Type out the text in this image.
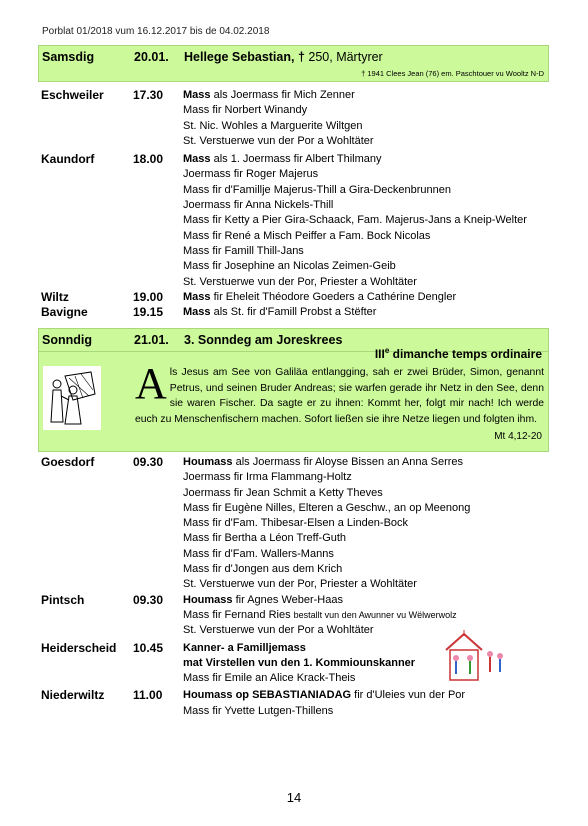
Porblat 01/2018 vum 16.12.2017 bis de 04.02.2018
Samsdig	20.01. Hellege Sebastian, † 250, Märtyrer
† 1941 Clees Jean (76) em. Paschtouer vu Wooltz N-D
Eschweiler 17.30 Mass als Joermass fir Mich Zenner
Mass fir Norbert Winandy
St. Nic. Wohles a Marguerite Wiltgen
St. Verstuerwe vun der Por a Wohltäter
Kaundorf	18.00 Mass als 1. Joermass fir Albert Thilmany
Joermass fir Roger Majerus
Mass fir d'Famillje Majerus-Thill a Gira-Deckenbrunnen
Joermass fir Anna Nickels-Thill
Mass fir Ketty a Pier Gira-Schaack, Fam. Majerus-Jans a Kneip-Welter
Mass fir René a Misch Peiffer a Fam. Bock Nicolas
Mass fir Famill Thill-Jans
Mass fir Josephine an Nicolas Zeimen-Geib
St. Verstuerwe vun der Por, Priester a Wohltäter
Wiltz	19.00 Mass fir Eheleit Théodore Goeders a Cathérine Dengler
Bavigne	19.15 Mass als St. fir d'Famill Probst a Stëfter
Sonndig	21.01. 3. Sonndeg am Joreskrees
IIIe dimanche temps ordinaire
Als Jesus am See von Galiläa entlangging, sah er zwei Brüder, Simon, genannt Petrus, und seinen Bruder Andreas; sie warfen gerade ihr Netz in den See, denn sie waren Fischer. Da sagte er zu ihnen: Kommt her, folgt mir nach! Ich werde euch zu Menschenfischern machen. Sofort ließen sie ihre Netze liegen und folgten ihm.
Mt 4,12-20
Goesdorf	09.30 Houmass als Joermass fir Aloyse Bissen an Anna Serres
Joermass fir Irma Flammang-Holtz
Joermass fir Jean Schmit a Ketty Theves
Mass fir Eugène Nilles, Elteren a Geschw., an op Meenong
Mass fir d'Fam. Thibesar-Elsen a Linden-Bock
Mass fir Bertha a Léon Treff-Guth
Mass fir d'Fam. Wallers-Manns
Mass fir d'Jongen aus dem Krich
St. Verstuerwe vun der Por, Priester a Wohltäter
Pintsch	09.30 Houmass fir Agnes Weber-Haas
Mass fir Fernand Ries bestallt vun den Awunner vu Wëlwerwolz
St. Verstuerwe vun der Por a Wohltäter
Heiderscheid 10.45 Kanner- a Familljemass
mat Virstellen vun den 1. Kommiounskanner
Mass fir Emile an Alice Krack-Theis
Niederwiltz 11.00 Houmass op SEBASTIANIADAG fir d'Uleies vun der Por
Mass fir Yvette Lutgen-Thillens
14
